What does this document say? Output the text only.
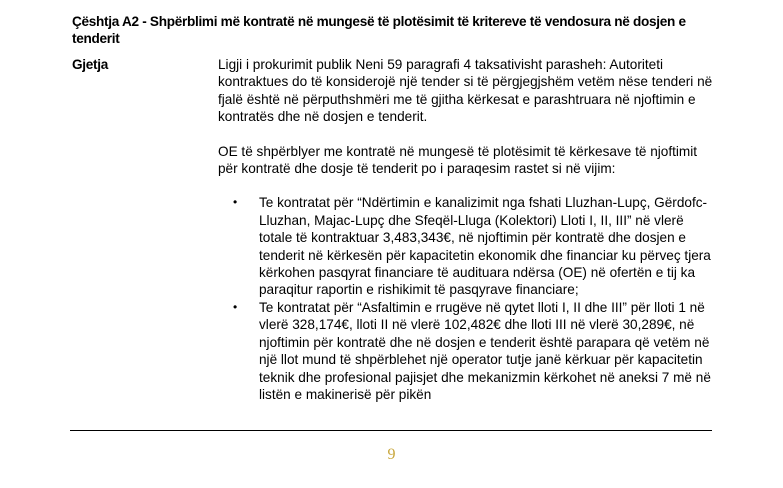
Çështja A2 - Shpërblimi më kontratë në mungesë të plotësimit të kritereve të vendosura në dosjen e tenderit
Gjetja	Ligji i prokurimit publik Neni 59 paragrafi 4 taksativisht parasheh: Autoriteti kontraktues do të konsiderojë një tender si të përgjegjshëm vetëm nëse tenderi në fjalë është në përputhshmëri me të gjitha kërkesat e parashtruara në njoftimin e kontratës dhe në dosjen e tenderit.

OE të shpërblyer me kontratë në mungesë të plotësimit të kërkesave të njoftimit për kontratë dhe dosje të tenderit po i paraqesim rastet si në vijim:

• Te kontratat për “Ndërtimin e kanalizimit nga fshati Lluzhan-Lupç, Gërdofc-Lluzhan, Majac-Lupç dhe Sfeqël-Lluga (Kolektori) Lloti I, II, III” në vlerë totale të kontraktuar 3,483,343€, në njoftimin për kontratë dhe dosjen e tenderit në kërkesën për kapacitetin ekonomik dhe financiar ku përveç tjera kërkohen pasqyrat financiare të audituara ndërsa (OE) në ofertën e tij ka paraqitur raportin e rishikimit të pasqyrave financiare;
• Te kontratat për “Asfaltimin e rrugëve në qytet lloti I, II dhe III” për lloti 1 në vlerë 328,174€, lloti II në vlerë 102,482€ dhe lloti III në vlerë 30,289€, në njoftimin për kontratë dhe në dosjen e tenderit është parapara që vetëm në një llot mund të shpërblehet një operator tutje janë kërkuar për kapacitetin teknik dhe profesional pajisjet dhe mekanizmin kërkohet në aneksi 7 më në listën e makinerisë për pikën
9
